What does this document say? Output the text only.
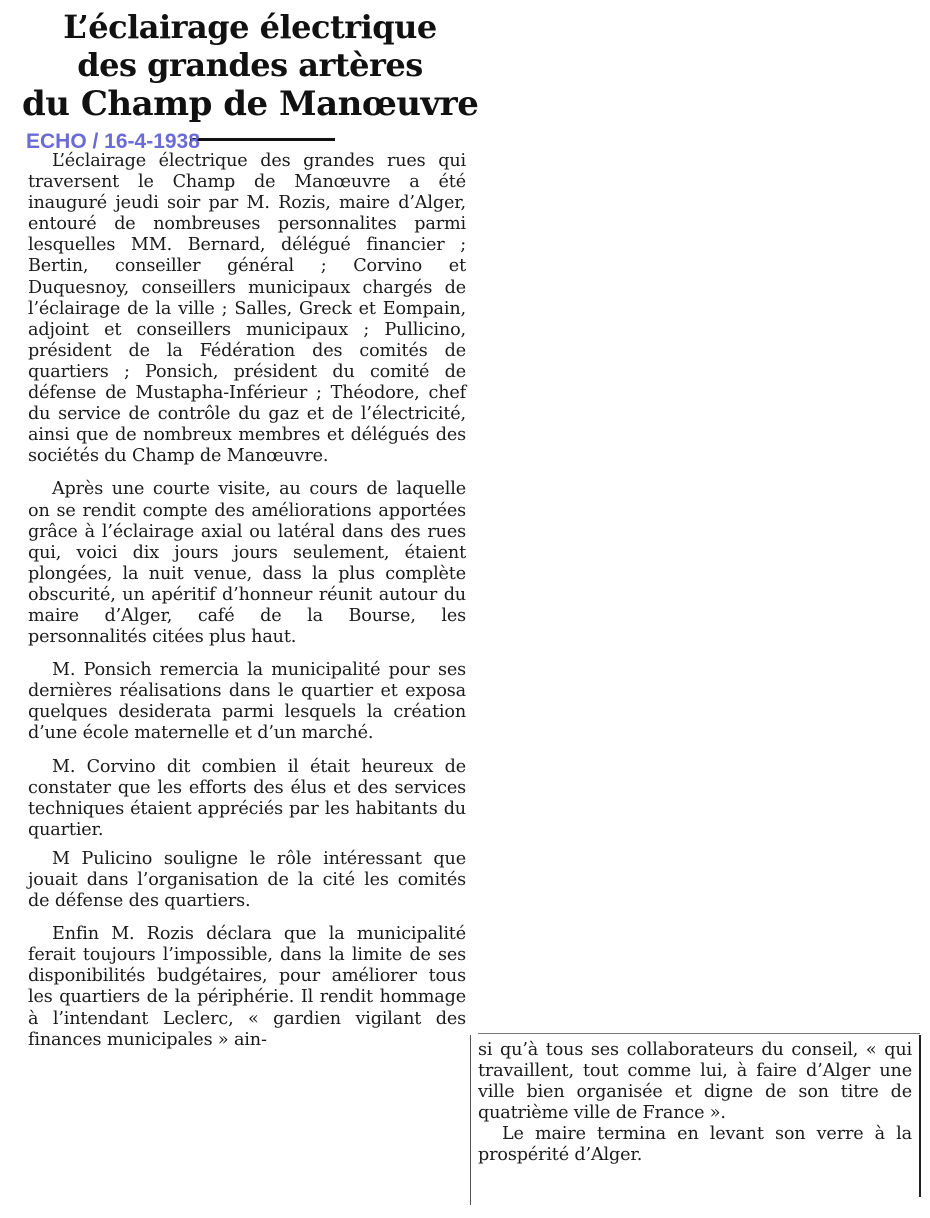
L’éclairage électrique
des grandes artères
du Champ de Manœuvre
ECHO / 16-4-1938

L’éclairage électrique des grandes rues qui traversent le Champ de Manœuvre a été inauguré jeudi soir par M. Rozis, maire d’Alger, entouré de nombreuses personnalites parmi lesquelles MM. Bernard, délégué financier ; Bertin, conseiller général ; Corvino et Duquesnoy, conseillers municipaux chargés de l’éclairage de la ville ; Salles, Greck et Eompain, adjoint et conseillers municipaux ; Pullicino, président de la Fédération des comités de quartiers ; Ponsich, président du comité de défense de Mustapha-Inférieur ; Théodore, chef du service de contrôle du gaz et de l’électricité, ainsi que de nombreux membres et délégués des sociétés du Champ de Manœuvre.

Après une courte visite, au cours de laquelle on se rendit compte des améliorations apportées grâce à l’éclairage axial ou latéral dans des rues qui, voici dix jours jours seulement, étaient plongées, la nuit venue, dass la plus complète obscurité, un apéritif d’honneur réunit autour du maire d’Alger, café de la Bourse, les personnalités citées plus haut.

M. Ponsich remercia la municipalité pour ses dernières réalisations dans le quartier et exposa quelques desiderata parmi lesquels la création d’une école maternelle et d’un marché.

M. Corvino dit combien il était heureux de constater que les efforts des élus et des services techniques étaient appréciés par les habitants du quartier.

M Pulicino souligne le rôle intéressant que jouait dans l’organisation de la cité les comités de défense des quartiers.

Enfin M. Rozis déclara que la municipalité ferait toujours l’impossible, dans la limite de ses disponibilités budgétaires, pour améliorer tous les quartiers de la périphérie. Il rendit hommage à l’intendant Leclerc, « gardien vigilant des finances municipales » ain-

si qu’à tous ses collaborateurs du conseil, « qui travaillent, tout comme lui, à faire d’Alger une ville bien organisée et digne de son titre de quatrième ville de France ».

Le maire termina en levant son verre à la prospérité d’Alger.
